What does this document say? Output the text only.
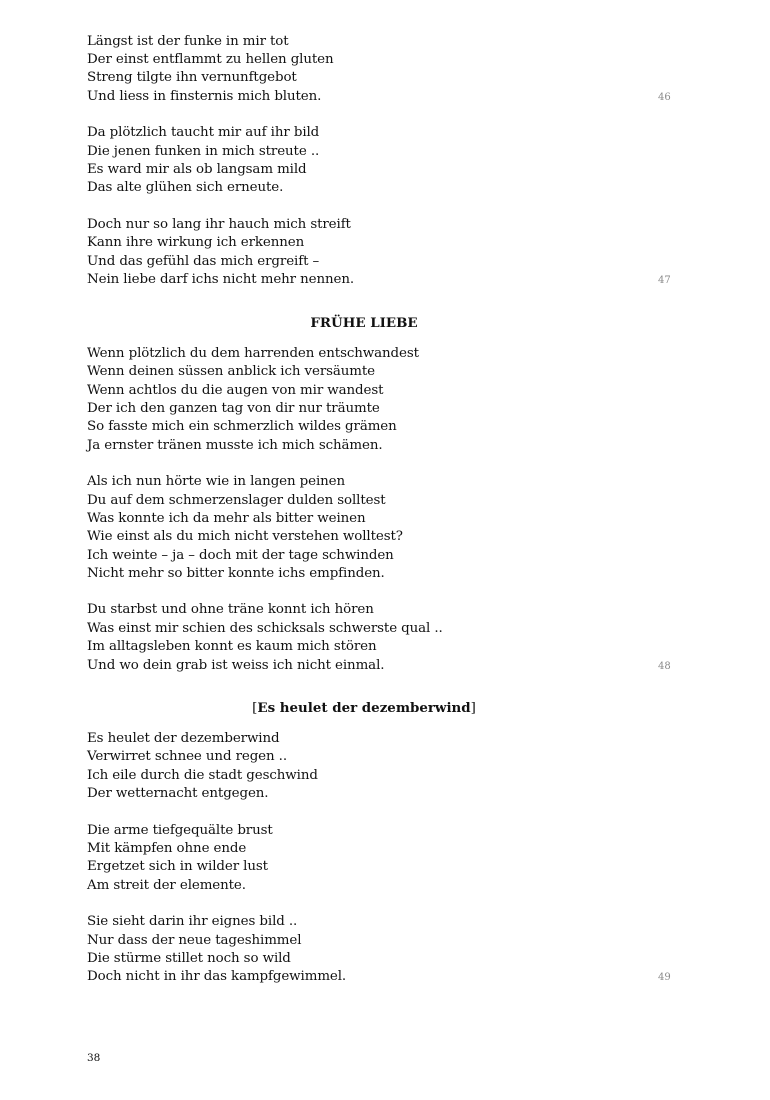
Längst ist der funke in mir tot
Der einst entflammt zu hellen gluten
Streng tilgte ihn vernunftgebot
Und liess in finsternis mich bluten.
Da plötzlich taucht mir auf ihr bild
Die jenen funken in mich streute ..
Es ward mir als ob langsam mild
Das alte glühen sich erneute.
Doch nur so lang ihr hauch mich streift
Kann ihre wirkung ich erkennen
Und das gefühl das mich ergreift –
Nein liebe darf ichs nicht mehr nennen.
46
47
FRÜHE LIEBE
Wenn plötzlich du dem harrenden entschwandest
Wenn deinen süssen anblick ich versäumte
Wenn achtlos du die augen von mir wandest
Der ich den ganzen tag von dir nur träumte
So fasste mich ein schmerzlich wildes grämen
Ja ernster tränen musste ich mich schämen.
Als ich nun hörte wie in langen peinen
Du auf dem schmerzenslager dulden solltest
Was konnte ich da mehr als bitter weinen
Wie einst als du mich nicht verstehen wolltest?
Ich weinte – ja – doch mit der tage schwinden
Nicht mehr so bitter konnte ichs empfinden.
Du starbst und ohne träne konnt ich hören
Was einst mir schien des schicksals schwerste qual ..
Im alltagsleben konnt es kaum mich stören
Und wo dein grab ist weiss ich nicht einmal.	48
[Es heulet der dezemberwind]
Es heulet der dezemberwind
Verwirret schnee und regen ..
Ich eile durch die stadt geschwind
Der wetternacht entgegen.
Die arme tiefgequälte brust
Mit kämpfen ohne ende
Ergetzet sich in wilder lust
Am streit der elemente.
Sie sieht darin ihr eignes bild ..
Nur dass der neue tageshimmel
Die stürme stillet noch so wild
Doch nicht in ihr das kampfgewimmel.	49
38
